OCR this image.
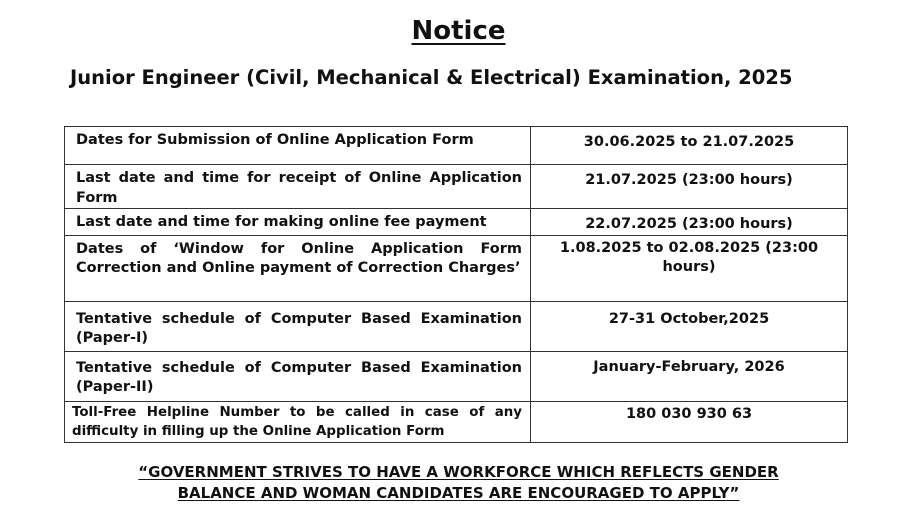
Notice
Junior Engineer (Civil, Mechanical & Electrical) Examination, 2025
Dates for Submission of Online Application Form	30.06.2025 to 21.07.2025
Last date and time for receipt of Online Application Form	21.07.2025 (23:00 hours)
Last date and time for making online fee payment	22.07.2025 (23:00 hours)
Dates of ‘Window for Online Application Form Correction and Online payment of Correction Charges’	1.08.2025 to 02.08.2025 (23:00 hours)
Tentative schedule of Computer Based Examination (Paper-I)	27-31 October,2025
Tentative schedule of Computer Based Examination (Paper-II)	January-February, 2026
Toll-Free Helpline Number to be called in case of any difficulty in filling up the Online Application Form	180 030 930 63
“GOVERNMENT STRIVES TO HAVE A WORKFORCE WHICH REFLECTS GENDER
BALANCE AND WOMAN CANDIDATES ARE ENCOURAGED TO APPLY”
